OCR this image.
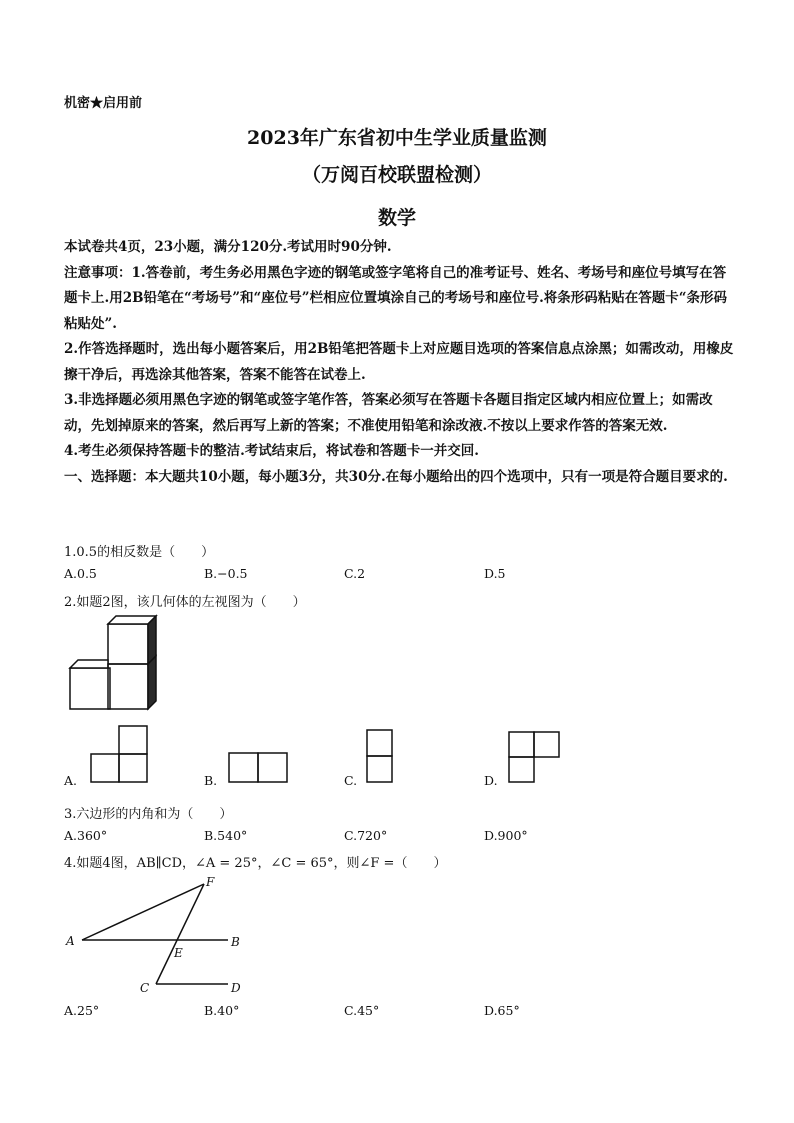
机密★启用前
2023年广东省初中生学业质量监测
（万阅百校联盟检测）
数学
本试卷共4页，23小题，满分120分.考试用时90分钟.
注意事项：1.答卷前，考生务必用黑色字迹的钢笔或签字笔将自己的准考证号、姓名、考场号和座位号填写在答题卡上.用2B铅笔在“考场号”和“座位号”栏相应位置填涂自己的考场号和座位号.将条形码粘贴在答题卡“条形码粘贴处”.
2.作答选择题时，选出每小题答案后，用2B铅笔把答题卡上对应题目选项的答案信息点涂黑；如需改动，用橡皮擦干净后，再选涂其他答案，答案不能答在试卷上.
3.非选择题必须用黑色字迹的钢笔或签字笔作答，答案必须写在答题卡各题目指定区域内相应位置上；如需改动，先划掉原来的答案，然后再写上新的答案；不准使用铅笔和涂改液.不按以上要求作答的答案无效.
4.考生必须保持答题卡的整洁.考试结束后，将试卷和答题卡一并交回.
一、选择题：本大题共10小题，每小题3分，共30分.在每小题给出的四个选项中，只有一项是符合题目要求的.
1.0.5的相反数是（　　）
A.0.5	B.−0.5	C.2	D.5
2.如题2图，该几何体的左视图为（　　）
A.	B.	C.	D.
3.六边形的内角和为（　　）
A.360°	B.540°	C.720°	D.900°
4.如题4图，AB∥CD，∠A = 25°，∠C = 65°，则∠F =（　　）
A	B
C	D
E
F
A.25°	B.40°	C.45°	D.65°
